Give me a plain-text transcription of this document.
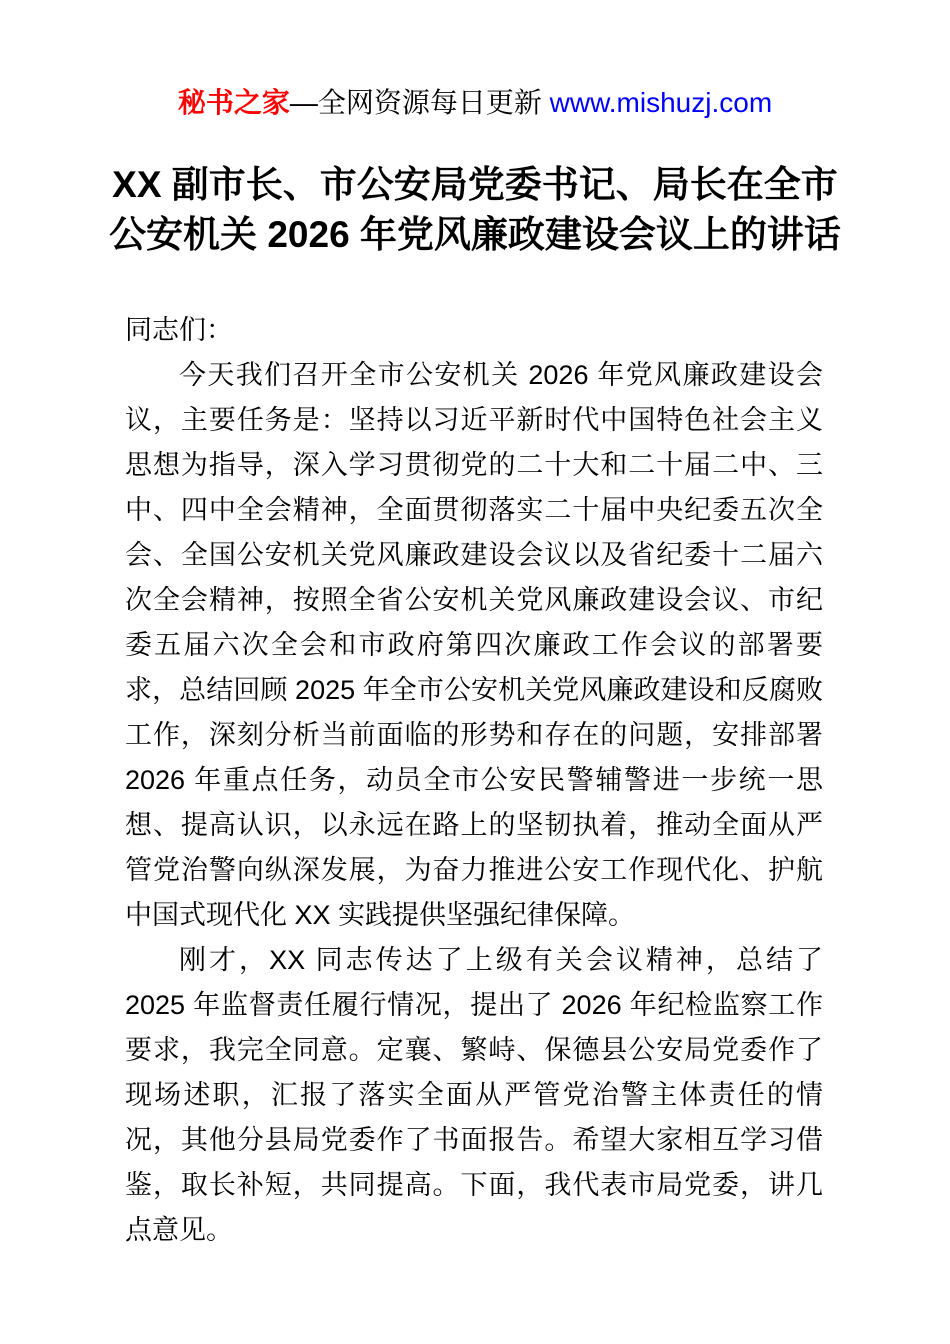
秘书之家—全网资源每日更新 www.mishuzj.com
XX 副市长、市公安局党委书记、局长在全市
公安机关 2026 年党风廉政建设会议上的讲话

同志们：

今天我们召开全市公安机关 2026 年党风廉政建设会议，主要任务是：坚持以习近平新时代中国特色社会主义思想为指导，深入学习贯彻党的二十大和二十届二中、三中、四中全会精神，全面贯彻落实二十届中央纪委五次全会、全国公安机关党风廉政建设会议以及省纪委十二届六次全会精神，按照全省公安机关党风廉政建设会议、市纪委五届六次全会和市政府第四次廉政工作会议的部署要求，总结回顾 2025 年全市公安机关党风廉政建设和反腐败工作，深刻分析当前面临的形势和存在的问题，安排部署 2026 年重点任务，动员全市公安民警辅警进一步统一思想、提高认识，以永远在路上的坚韧执着，推动全面从严管党治警向纵深发展，为奋力推进公安工作现代化、护航中国式现代化 XX 实践提供坚强纪律保障。

刚才，XX 同志传达了上级有关会议精神，总结了 2025 年监督责任履行情况，提出了 2026 年纪检监察工作要求，我完全同意。定襄、繁峙、保德县公安局党委作了现场述职，汇报了落实全面从严管党治警主体责任的情况，其他分县局党委作了书面报告。希望大家相互学习借鉴，取长补短，共同提高。下面，我代表市局党委，讲几点意见。
